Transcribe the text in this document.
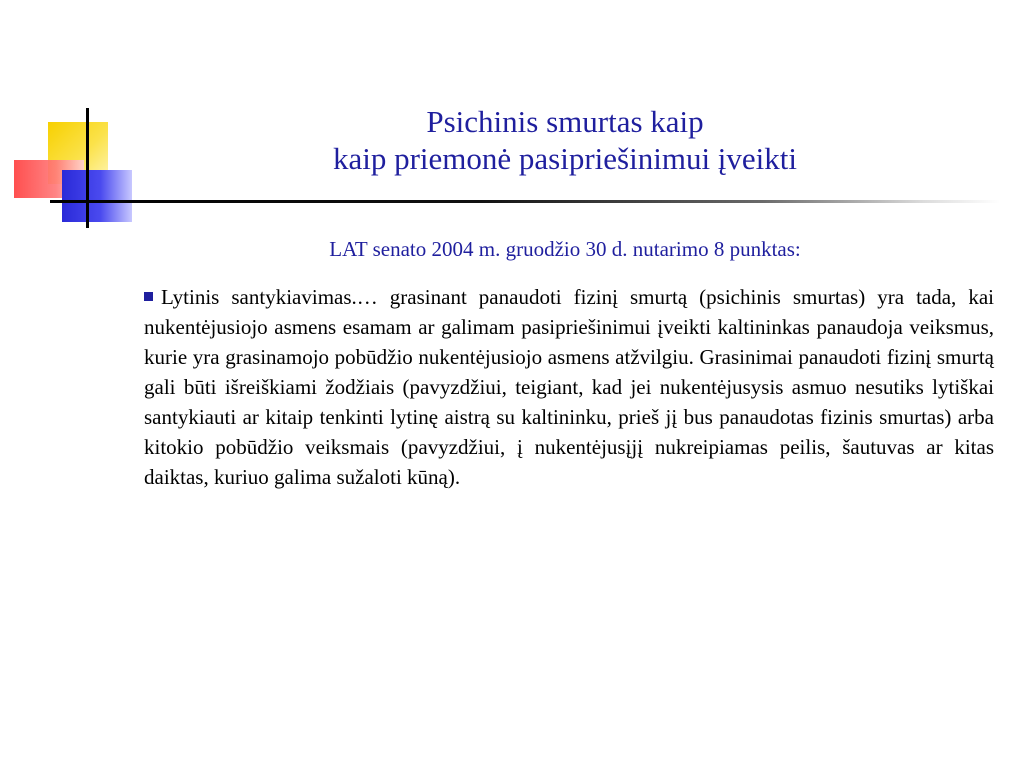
Psichinis smurtas kaip
kaip priemonė pasipriešinimui įveikti
LAT senato 2004 m. gruodžio 30 d. nutarimo 8 punktas:

Lytinis santykiavimas.… grasinant panaudoti fizinį smurtą (psichinis smurtas) yra tada, kai nukentėjusiojo asmens esamam ar galimam pasipriešinimui įveikti kaltininkas panaudoja veiksmus, kurie yra grasinamojo pobūdžio nukentėjusiojo asmens atžvilgiu. Grasinimai panaudoti fizinį smurtą gali būti išreiškiami žodžiais (pavyzdžiui, teigiant, kad jei nukentėjusysis asmuo nesutiks lytiškai santykiauti ar kitaip tenkinti lytinę aistrą su kaltininku, prieš jį bus panaudotas fizinis smurtas) arba kitokio pobūdžio veiksmais (pavyzdžiui, į nukentėjusįjį nukreipiamas peilis, šautuvas ar kitas daiktas, kuriuo galima sužaloti kūną).
